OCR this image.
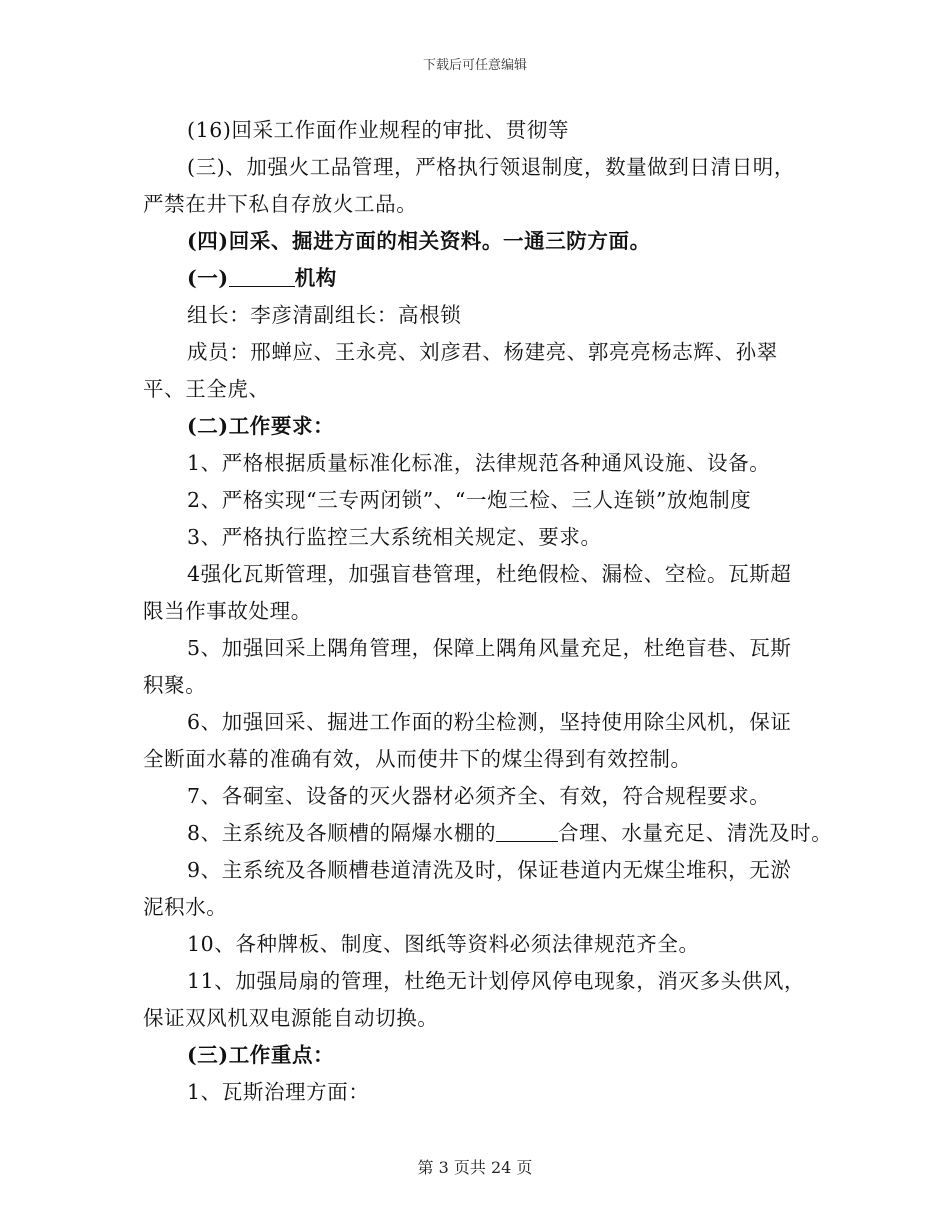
下载后可任意编辑
(16)回采工作面作业规程的审批、贯彻等
(三)、加强火工品管理，严格执行领退制度，数量做到日清日明，
严禁在井下私自存放火工品。
(四)回采、掘进方面的相关资料。一通三防方面。
(一)	机构
组长：李彦清副组长：高根锁
成员：邢蝉应、王永亮、刘彦君、杨建亮、郭亮亮杨志辉、孙翠
平、王全虎、
(二)工作要求：
1、严格根据质量标准化标准，法律规范各种通风设施、设备。
2、严格实现“三专两闭锁”、“一炮三检、三人连锁”放炮制度
3、严格执行监控三大系统相关规定、要求。
4强化瓦斯管理，加强盲巷管理，杜绝假检、漏检、空检。瓦斯超
限当作事故处理。
5、加强回采上隅角管理，保障上隅角风量充足，杜绝盲巷、瓦斯
积聚。
6、加强回采、掘进工作面的粉尘检测，坚持使用除尘风机，保证
全断面水幕的准确有效，从而使井下的煤尘得到有效控制。
7、各硐室、设备的灭火器材必须齐全、有效，符合规程要求。
8、主系统及各顺槽的隔爆水棚的	合理、水量充足、清洗及时。
9、主系统及各顺槽巷道清洗及时，保证巷道内无煤尘堆积，无淤
泥积水。
10、各种牌板、制度、图纸等资料必须法律规范齐全。
11、加强局扇的管理，杜绝无计划停风停电现象，消灭多头供风，
保证双风机双电源能自动切换。
(三)工作重点：
1、瓦斯治理方面：
第 3 页共 24 页
